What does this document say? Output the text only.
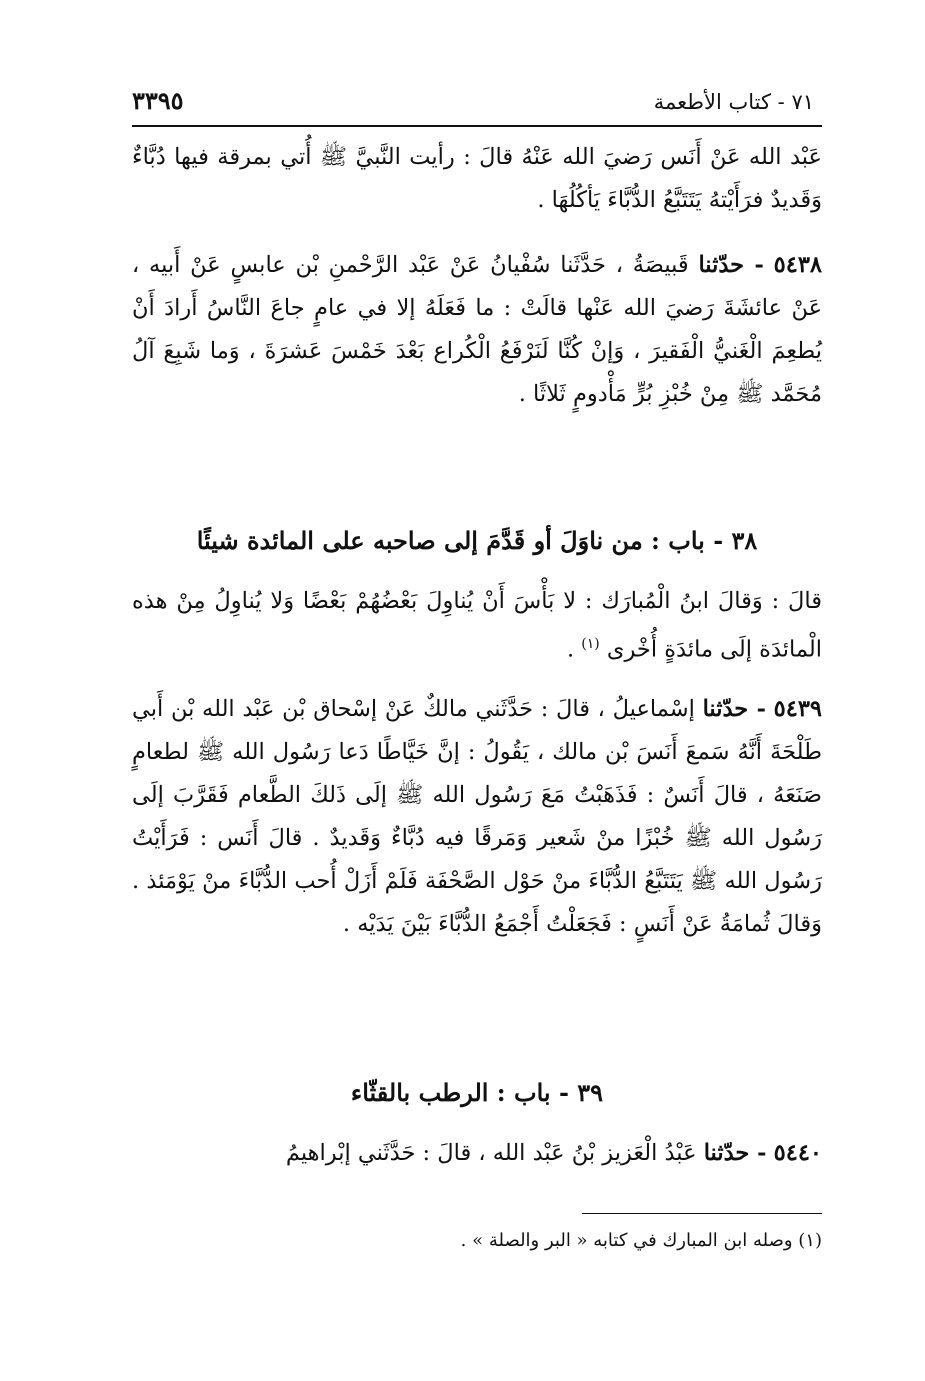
٧١ - كتاب الأطعمة
٣٣٩٥

عَبْد الله عَنْ أَنَس رَضيَ الله عَنْهُ قالَ : رأيت النَّبيَّ ﷺ أُتي بمرقة فيها دُبَّاءٌ وَقَديدٌ فرَأَيْتهُ يَتَتَبَّعُ الدُّبَّاءَ يَأكُلُهَا .

٥٤٣٨ - حدّثنا قَبيصَةُ ، حَدَّثَنا سُفْيانُ عَنْ عَبْد الرَّحْمنِ بْن عابسٍ عَنْ أَبيه ، عَنْ عائشَةَ رَضيَ الله عَنْها قالَتْ : ما فَعَلَهُ إلا في عامٍ جاعَ النَّاسُ أَرادَ أَنْ يُطعِمَ الْغَنيُّ الْفَقيرَ ، وَإنْ كُنَّا لَنَرْفَعُ الْكُراع بَعْدَ خَمْسَ عَشرَةَ ، وَما شَبِعَ آلُ مُحَمَّد ﷺ مِنْ خُبْزِ بُرٍّ مَأْدومٍ ثَلاثًا .

٣٨ - باب : من ناوَلَ أو قَدَّمَ إلى صاحبه على المائدة شيئًا

قالَ : وَقالَ ابنُ الْمُبارَك : لا بَأْسَ أَنْ يُناوِلَ بَعْضُهُمْ بَعْضًا وَلا يُناوِلُ مِنْ هذه الْمائدَة إلَى مائدَةٍ أُخْرى $^{(١)}$ .

٥٤٣٩ - حدّثنا إسْماعيلُ ، قالَ : حَدَّثَني مالكٌ عَنْ إسْحاق بْن عَبْد الله بْن أَبي طَلْحَةَ أَنَّهُ سَمعَ أَنَسَ بْن مالك ، يَقُولُ : إنَّ خَيَّاطًا دَعا رَسُول الله ﷺ لطعامٍ صَنَعَهُ ، قالَ أَنَسٌ : فَذَهَبْتُ مَعَ رَسُول الله ﷺ إلَى ذَلكَ الطَّعام فَقَرَّبَ إلَى رَسُول الله ﷺ خُبْزًا منْ شَعير وَمَرقًا فيه دُبَّاءٌ وَقَديدٌ . قالَ أَنَس : فَرَأَيْتُ رَسُول الله ﷺ يَتَتَبَّعُ الدُّبَّاءَ منْ حَوْل الصَّحْفَة فَلَمْ أَزَلْ أُحب الدُّبَّاءَ منْ يَوْمَئذ . وَقالَ ثُمامَةُ عَنْ أَنَسٍ : فَجَعَلْتُ أَجْمَعُ الدُّبَّاءَ بَيْنَ يَدَيْه .

٣٩ - باب : الرطب بالقثّاء

٥٤٤٠ - حدّثنا عَبْدُ الْعَزيز بْنُ عَبْد الله ، قالَ : حَدَّثَني إبْراهيمُ

(١) وصله ابن المبارك في كتابه « البر والصلة » .
